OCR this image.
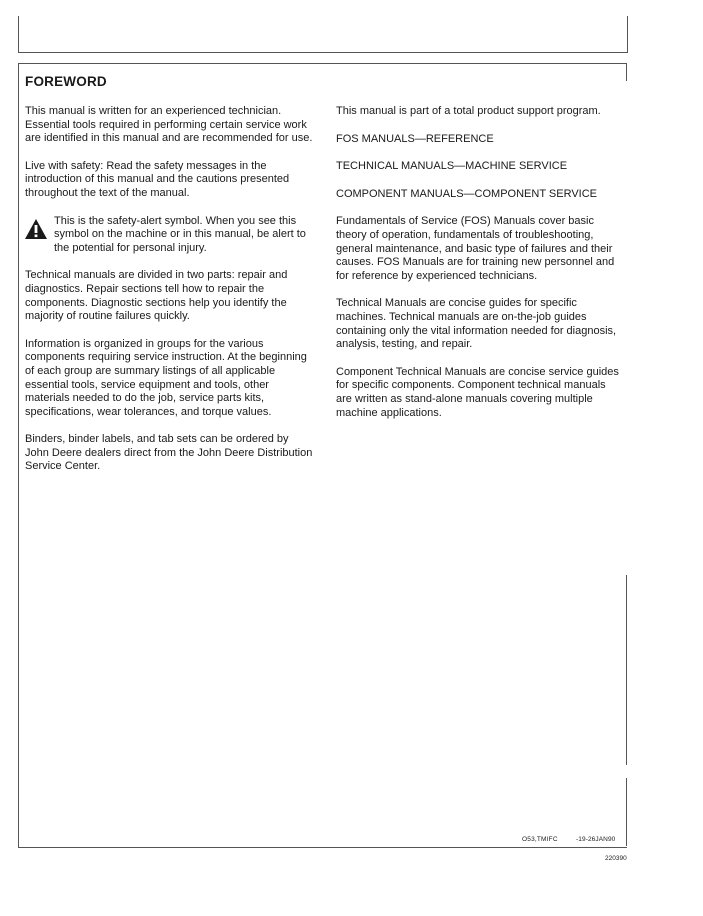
FOREWORD

This manual is written for an experienced technician. Essential tools required in performing certain service work are identified in this manual and are recommended for use.

Live with safety: Read the safety messages in the introduction of this manual and the cautions presented throughout the text of the manual.

This is the safety-alert symbol. When you see this symbol on the machine or in this manual, be alert to the potential for personal injury.

Technical manuals are divided in two parts: repair and diagnostics. Repair sections tell how to repair the components. Diagnostic sections help you identify the majority of routine failures quickly.

Information is organized in groups for the various components requiring service instruction. At the beginning of each group are summary listings of all applicable essential tools, service equipment and tools, other materials needed to do the job, service parts kits, specifications, wear tolerances, and torque values.

Binders, binder labels, and tab sets can be ordered by John Deere dealers direct from the John Deere Distribution Service Center.

This manual is part of a total product support program.

FOS MANUALS—REFERENCE

TECHNICAL MANUALS—MACHINE SERVICE

COMPONENT MANUALS—COMPONENT SERVICE

Fundamentals of Service (FOS) Manuals cover basic theory of operation, fundamentals of troubleshooting, general maintenance, and basic type of failures and their causes. FOS Manuals are for training new personnel and for reference by experienced technicians.

Technical Manuals are concise guides for specific machines. Technical manuals are on-the-job guides containing only the vital information needed for diagnosis, analysis, testing, and repair.

Component Technical Manuals are concise service guides for specific components. Component technical manuals are written as stand-alone manuals covering multiple machine applications.

O53,TMIFC	-19-26JAN90
220390
